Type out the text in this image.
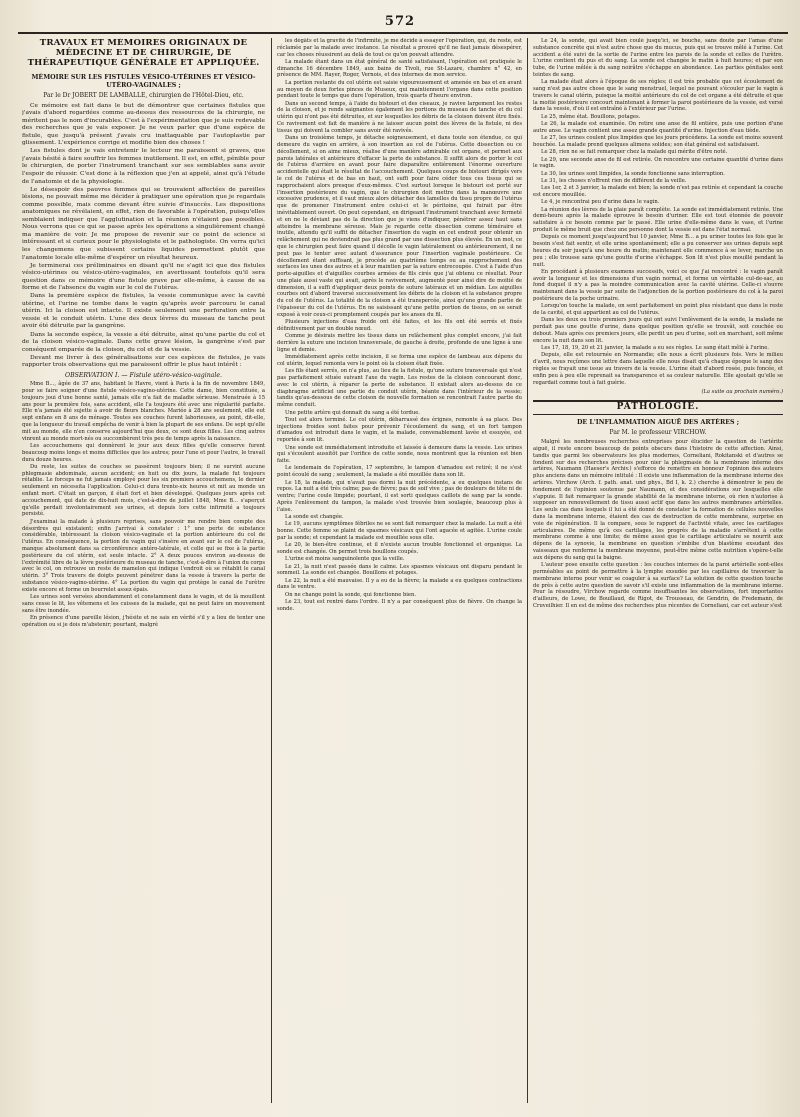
572
TRAVAUX ET MÉMOIRES ORIGINAUX DE MÉDECINE ET DE CHIRURGIE, DE THÉRAPEUTIQUE GÉNÉRALE ET APPLIQUÉE.
MÉMOIRE SUR LES FISTULES VÉSICO-UTÉRINES ET VÉSICO-UTÉRO-VAGINALES ;
Par le Dr JOBERT DE LAMBALLE, chirurgien de l'Hôtel-Dieu, etc.

Ce mémoire est fait dans le but de démontrer que certaines fistules que j'avais d'abord regardées comme au-dessus des ressources de la chirurgie, ne méritent pas le nom d'incurables. C'est à l'expérimentation que je suis redevable des recherches que je vais exposer. Je ne veux parler que d'une espèce de fistule, que jusqu'à présent j'avais cru inattaquable par l'autoplastie par glissement. L'expérience corrige et modifie bien des choses !

Les fistules dont je vais entretenir le lecteur me paraissent si graves, que j'avais hésité à faire souffrir les femmes inutilement. Il est, en effet, pénible pour le chirurgien, de porter l'instrument tranchant sur ses semblables sans avoir l'espoir de réussir. C'est donc à la réflexion que j'en ai appelé, ainsi qu'à l'étude de l'anatomie et de la physiologie.

Le désespoir des pauvres femmes qui se trouvaient affectées de pareilles lésions, ne pouvait même me décider à pratiquer une opération que je regardais comme possible, mais comme devant être suivie d'insuccès. Les dispositions anatomiques ne révélaient, en effet, rien de favorable à l'opération, puisqu'elles semblaient indiquer que l'agglutination et la réunion n'étaient pas possibles. Nous verrons que ce qui se passe après les opérations a singulièrement changé ma manière de voir. Je me propose de revenir sur ce point de science si intéressant et si curieux pour le physiologiste et le pathologiste. On verra qu'ici les changemens que subissent certains liquides permettent plutôt que l'anatomie locale elle-même d'espérer un résultat heureux.

Je terminerai ces préliminaires en disant qu'il ne s'agit ici que des fistules vésico-utérines ou vésico-utéro-vaginales, en avertissant toutefois qu'il sera question dans ce mémoire d'une fistule grave par elle-même, à cause de sa forme et de l'absence du vagin sur le col de l'utérus.

Dans la première espèce de fistules, la vessie communique avec la cavité utérine, et l'urine ne tombe dans le vagin qu'après avoir parcouru le canal utérin. Ici la cloison est intacte. Il existe seulement une perforation entre la vessie et le conduit utérin. L'une des deux lèvres du museau de tanche peut avoir été détruite par la gangrène.

Dans la seconde espèce, la vessie a été détruite, ainsi qu'une partie du col et de la cloison vésico-vaginale. Dans cette grave lésion, la gangrène s'est par conséquent emparée de la cloison, du col et de la vessie.

Devant me livrer à des généralisations sur ces espèces de fistules, je vais rapporter trois observations qui me paraissent offrir le plus haut intérêt :

OBSERVATION I. — Fistule utéro-vésico-vaginale.

Mme B..., âgée de 37 ans, habitant le Havre, vient à Paris à la fin de novembre 1849, pour se faire soigner d'une fistule vésico-vagino-utérine. Cette dame, bien constituée, a toujours joui d'une bonne santé, jamais elle n'a fait de maladie sérieuse. Menstruée à 15 ans pour la première fois, sans accident, elle l'a toujours été avec une régularité parfaite. Elle n'a jamais été sujette à avoir de fleurs blanches. Mariée à 28 ans seulement, elle eut sept enfans en 8 ans de ménage. Toutes ses couches furent laborieuses, au point, dit-elle, que la longueur du travail empêcha de venir à bien la plupart de ses enfans. De sept qu'elle mit au monde, elle n'en conserve aujourd'hui que deux, ce sont deux filles. Les cinq autres vinrent au monde mort-nés ou succombèrent très peu de temps après la naissance.

Les accouchemens qui donnèrent le jour aux deux filles qu'elle conserve furent beaucoup moins longs et moins difficiles que les autres; pour l'une et pour l'autre, le travail dura douze heures.

Du reste, les suites de couches se passèrent toujours bien; il ne survint aucune phlegmasie abdominale, aucun accident; en huit ou dix jours, la malade fut toujours rétablie. Le forceps ne fut jamais employé pour les six premiers accouchemens, le dernier seulement en nécessita l'application. Celui-ci dura trente-six heures et mit au monde un enfant mort. C'était un garçon, il était fort et bien développé. Quelques jours après cet accouchement, qui date de dix-huit mois, c'est-à-dire de juillet 1848, Mme B... s'aperçut qu'elle perdait involontairement ses urines, et depuis lors cette infirmité a toujours persisté.

J'examinai la malade à plusieurs reprises, sans pouvoir me rendre bien compte des désordres qui existaient; enfin j'arrivai à constater : 1° une perte de substance considérable, intéressant la cloison vésico-vaginale et la portion antérieure du col de l'utérus. En conséquence, la portion du vagin qui s'insère en avant sur le col de l'utérus, manque absolument dans sa circonférence antéro-latérale, et celle qui se fixe à la partie postérieure du col utérin, est seule intacte. 2° A deux pouces environ au-dessus de l'extrémité libre de la lèvre postérieure du museau de tanche, c'est-à-dire à l'union du corps avec le col, on retrouve un reste de mamelon qui indique l'endroit où se rétablit le canal utérin. 3° Trois travers de doigts peuvent pénétrer dans la vessie à travers la perte de substance vésico-vagino-utérine. 4° La portion du vagin qui protège le canal de l'urètre existe encore et forme un bourrelet assez épais.

Les urines sont versées abondamment et constamment dans le vagin, et de là mouillent sans cesse le lit, les vêtemens et les cuisses de la malade, qui ne peut faire un mouvement sans être inondée.

En présence d'une pareille lésion, j'hésite et ne sais en vérité s'il y a lieu de tenter une opération ou si je dois m'abstenir; pourtant, malgré

les dégâts et la gravité de l'infirmité, je me décide à essayer l'opération, qui, du reste, est réclamée par la malade avec instance. Le résultat a prouvé qu'il ne faut jamais désespérer, car les choses réussirent au delà de tout ce qu'on pouvait attendre.

La malade étant dans un état général de santé satisfaisant, l'opération est pratiquée le dimanche 16 décembre 1849, aux bains de Tivoli, rue St-Lazare, chambre n° 42, en présence de MM. Rayer, Roger, Vernois, et des internes de mon service.

La portion restante du col utérin est saisie vigoureusement et amenée en bas et en avant au moyen de deux fortes pinces de Museux, qui maintiennent l'organe dans cette position pendant toute le temps que dure l'opération, trois quarts d'heure environ.

Dans un second temps, à l'aide du bistouri et des ciseaux, je ravive largement les restes de la cloison, et je rends saignantes également les portions du museau de tanche et du col utérin qui n'ont pas été détruites, et sur lesquelles les débris de la cloison doivent être fixés. Ce ravivement est fait de manière à ne laisser aucun point des lèvres de la fistule, ni des tissus qui doivent la combler sans avoir été ravivés.

Dans un troisième temps, je détache soigneusement, et dans toute son étendue, ce qui demeure du vagin en arrière, à son insertion au col de l'utérus. Cette dissection ou ce décollement, si on aime mieux, réalise d'une manière admirable cet organe, et permet aux parois latérales et antérieure d'effacer la perte de substance. Il suffit alors de porter le col de l'utérus d'arrière en avant pour faire disparaître entièrement l'énorme ouverture accidentelle qui était le résultat de l'accouchement. Quelques coups de bistouri dirigés vers le col de l'utérus et de bas en haut, ont suffi pour faire céder tous ces tissus qui se rapprochaient alors presque d'eux-mêmes. C'est surtout lorsque le bistouri est porté sur l'insertion postérieure du vagin, que le chirurgien doit mettre dans la manœuvre une excessive prudence, et il vaut mieux alors détacher des lamelles du tissu propre de l'utérus que de promener l'instrument entre celui-ci et le péritoine, qui fuirait par être inévitablement ouvert. On peut cependant, en dirigeant l'instrument tranchant avec fermeté et en ne le déviant pas de la direction que je viens d'indiquer, pénétrer assez haut sans atteindre la membrane séreuse. Mais je regarde cette dissection comme téméraire et inutile, attendu qu'il suffit de détacher l'insertion du vagin en cet endroit pour obtenir un relâchement qui ne deviendrait pas plus grand par une dissection plus élevée. En un mot, ce que le chirurgien peut faire quand il décolle le vagin latéralement ou antérieurement, il ne peut pas le tenter avec autant d'assurance pour l'insertion vaginale postérieure. Ce décollement étant suffisant, je procède au quatrième temps ou au rapprochement des surfaces les unes des autres et à leur maintien par la suture entrecoupée. C'est à l'aide d'un porte-aiguilles et d'aiguilles courbes armées de fils cirés que j'ai obtenu ce résultat. Pour une plaie aussi vaste qui avait, après le ravivement, augmenté pour ainsi dire de moitié de dimension, il a suffi d'appliquer deux points de suture latéraux et un médian. Les aiguilles courbes ont d'abord traversé successivement les débris de la cloison et la substance propre du col de l'utérus. La totalité de la cloison a été transpercée, ainsi qu'une grande partie de l'épaisseur du col de l'utérus. En ne saisissant qu'une petite portion de tissus, on se serait exposé à voir ceux-ci promptement coupés par les anses du fil.

Plusieurs injections d'eau froide ont été faites, et les fils ont été serrés et fixés définitivement par un double nœud.

Comme je désirais mettre les tissus dans un relâchement plus complet encore, j'ai fait derrière la suture une incision transversale, de gauche à droite, profonde de une ligne à une ligne et demie.

Immédiatement après cette incision, il se forma une espèce de lambeau aux dépens du col utérin, lequel remonta vers le point où la cloison était fixée.

Les fils étant serrés, on n'a plus, au lieu de la fistule, qu'une suture transversale qui n'est pas parfaitement située suivant l'axe du vagin. Les restes de la cloison concourant donc, avec le col utérin, à réparer la perte de substance. Il existait alors au-dessus de ce diaphragme artificiel une partie du conduit utérin, béante dans l'intérieur de la vessie; tandis qu'au-dessous de cette cloison de nouvelle formation se rencontrait l'autre partie du même conduit.

Une petite artère qui donnait du sang a été tordue.

Tout est alors terminé. Le col utérin, débarrassé des érignes, remonte à sa place. Des injections froides sont faites pour prévenir l'écoulement du sang, et un fort tampon d'amadou est introduit dans le vagin, et la malade, convenablement lavée et essuyée, est reportée à son lit.

Une sonde est immédiatement introduite et laissée à demeure dans la vessie. Les urines qui s'écoulent aussitôt par l'orifice de cette sonde, nous montrent que la réunion est bien faite.

Le lendemain de l'opération, 17 septembre, le tampon d'amadou est retiré; il ne s'est point écoulé de sang ; seulement, la malade a été mouillée dans son lit.

Le 18, la malade, qui n'avait pas dormi la nuit précédente, a eu quelques instans de repos. La nuit a été très calme; pas de fièvre; pas de soif vive ; pas de douleurs de tête ni de ventre; l'urine coule limpide; pourtant, il est sorti quelques caillots de sang par la sonde. Après l'enlèvement du tampon, la malade s'est trouvée bien soulagée, beaucoup plus à l'aise.

La sonde est changée.

Le 19, aucuns symptômes fébriles ne se sont fait remarquer chez la malade. La nuit a été bonne. Cette femme se plaint de spasmes vésicaux qui l'ont agacée et agitée. L'urine coule par la sonde; et cependant la malade est mouillée sous elle.

Le 20, le bien-être continue, et il n'existe aucun trouble fonctionnel et organique. La sonde est changée. On permet trois bouillons coupés.

L'urine est moins sanguinolente que la veille.

Le 21, la nuit n'est passée dans le calme. Les spasmes vésicaux ont disparu pendant le sommeil. La sonde est changée. Bouillons et potages.

Le 22, la nuit a été mauvaise. Il y a eu de la fièvre; la malade a eu quelques contractions dans le ventre.

On ne change point la sonde, qui fonctionne bien.

Le 23, tout est rentré dans l'ordre. Il n'y a par conséquent plus de fièvre. On change la sonde.

Le 24, la sonde, qui avait bien coulé jusqu'ici, se bouche, sans doute par l'amas d'une substance concrète qui n'est autre chose que du mucus, puis qui se trouve mêlé à l'urine. Cet accident a été suivi de la sortie de l'urine entre les parois de la sonde et celles de l'urètre. L'urine contient du pus et du sang. La sonde est changée le matin à huit heures; et par son tube, de l'urine mêlée à du sang noirâtre s'échappe en abondance. Les parties génitales sont teintes de sang.

La malade était alors à l'époque de ses règles; il est très probable que cet écoulement de sang n'est pas autre chose que le sang menstruel, lequel ne pouvant s'écouler par le vagin à travers le canal utérin, puisque la moitié antérieure du col de cet organe a été détruite et que la moitié postérieure concourt maintenant à former la paroi postérieure de la vessie, est versé dans la vessie, d'où il est entraîné à l'extérieur par l'urine.

Le 25, même état. Bouillons, potages.

Le 26, la malade est examinée. On retire une anse de fil entière, puis une portion d'une autre anse. Le vagin contient une assez grande quantité d'urine. Injection d'eau tiède.

Le 27, les urines coulent plus limpides que les jours précédens. La sonde est moins souvent bouchée. La malade prend quelques alimens solides; son état général est satisfaisant.

Le 28, rien ne se fait remarquer chez la malade qui mérite d'être noté.

Le 29, une seconde anse de fil est retirée. On rencontre une certaine quantité d'urine dans le vagin.

Le 30, les urines sont limpides, la sonde fonctionne sans interruption.

Le 31, les choses n'offrent rien de différent de la veille.

Les 1er, 2 et 3 janvier, la malade est bien; la sonde n'est pas retirée et cependant la couche est encore mouillée.

Le 4, je rencontrai peu d'urine dans le vagin.

La réunion des lèvres de la plaie paraît complète. La sonde est immédiatement retirée. Une demi-heure après la malade éprouve le besoin d'uriner. Elle est tout étonnée de pouvoir satisfaire à ce besoin comme par le passé. Elle urine d'elle-même dans le vase, et l'urine produit le même bruit que chez une personne dont la vessie est dans l'état normal.

Depuis ce moment jusqu'aujourd'hui 10 janvier, Mme B... a pu uriner toutes les fois que le besoin s'est fait sentir, et elle urine spontanément; elle a pu conserver ses urines depuis sept heures du soir jusqu'à une heure du matin; maintenant elle commence à se lever, marche un peu ; elle trousse sans qu'une goutte d'urine s'échappe. Son lit n'est plus mouillé pendant la nuit.

En procédant à plusieurs examens successifs, voici ce que j'ai rencontré : le vagin paraît avoir la longueur et les dimensions d'un vagin normal, et forme un véritable cul-de-sac, au fond duquel il n'y a pas la moindre communication avec la cavité utérine. Celle-ci s'ouvre maintenant dans la vessie par suite de l'adjonction de la portion postérieure du col à la paroi postérieure de la poche urinaire.

Lorsqu'on touche la malade, on sent parfaitement un point plus résistant que dans le reste de la cavité, et qui appartient au col de l'utérus.

Dans les deux ou trois premiers jours qui ont suivi l'enlèvement de la sonde, la malade ne perdait pas une goutte d'urine, dans quelque position qu'elle se trouvât, soit couchée ou debout. Mais après ces premiers jours, elle perdit un peu d'urine, soit en marchant, soit même encore la nuit dans son lit.

Les 17, 18, 19, 20 et 21 janvier, la malade a eu ses règles. Le sang était mêlé à l'urine.

Depuis, elle est retournée en Normandie; elle nous a écrit plusieurs fois. Vers le milieu d'avril, nous reçûmes une lettre dans laquelle elle nous disait qu'à chaque époque le sang des règles se frayait une issue au travers de la vessie. L'urine était d'abord rosée, puis foncée, et enfin peu à peu elle reprenait sa transparence et sa couleur naturelle. Elle ajoutait qu'elle se regardait comme tout à fait guérie.

(La suite au prochain numéro.)

PATHOLOGIE.
DE L'INFLAMMATION AIGUË DES ARTÈRES ;
Par M. le professeur VIRCHOW.

Malgré les nombreuses recherches entreprises pour élucider la question de l'artérite aiguë, il reste encore beaucoup de points obscurs dans l'histoire de cette affection. Ainsi, tandis que parmi les observateurs les plus modernes, Corneliani, Rokitanski et d'autres se fondent sur des recherches précises pour nier la phlegmasie de la membrane interne des artères, Naumann (Haeser's Archiv.) s'efforce de remettre en honneur l'opinion des auteurs plus anciens dans un mémoire intitulé : Il existe une inflammation de la membrane interne des artères. Virchow (Arch. f. path. anat. und phys., Bd I, k. 2.) cherche à démontrer le peu de fondement de l'opinion soutenue par Naumann, et des considérations sur lesquelles elle s'appuie. Il fait remarquer la grande stabilité de la membrane interne, où rien n'autorise à supposer un renouvellement de tissu aussi actif que dans les autres membranes artérielles. Les seuls cas dans lesquels il lui a été donné de constater la formation de cellules nouvelles dans la membrane interne, étaient des cas de destruction de cette membrane, surprise en voie de régénération. Il la compare, sous le rapport de l'activité vitale, avec les cartilages articulaires. De même qu'à ces cartilages, les progrès de la maladie s'arrêtent à cette membrane comme à une limite; de même aussi que le cartilage articulaire se nourrit aux dépens de la synovie, la membrane en question s'imbibe d'un blastème exsudant des vaisseaux que renferme la membrane moyenne, peut-être même cette nutrition s'opère-t-elle aux dépens du sang qui la baigne.

L'auteur pose ensuite cette question : les couches internes de la paroi artérielle sont-elles perméables au point de permettre à la lymphe exsudée par les capillaires de traverser la membrane interne pour venir se coaguler à sa surface? La solution de cette question touche de près à cette autre question de savoir s'il existe une inflammation de la membrane interne. Pour la résoudre, Virchow regarde comme insuffisantes les observations, fort importantes d'ailleurs, de Lowe, de Bouillaud, de Rigot, de Trousseau, de Gendrin, de Fredemann, de Cruveilhier. Il en est de même des recherches plus récentes de Corneliani, car cet auteur s'est
